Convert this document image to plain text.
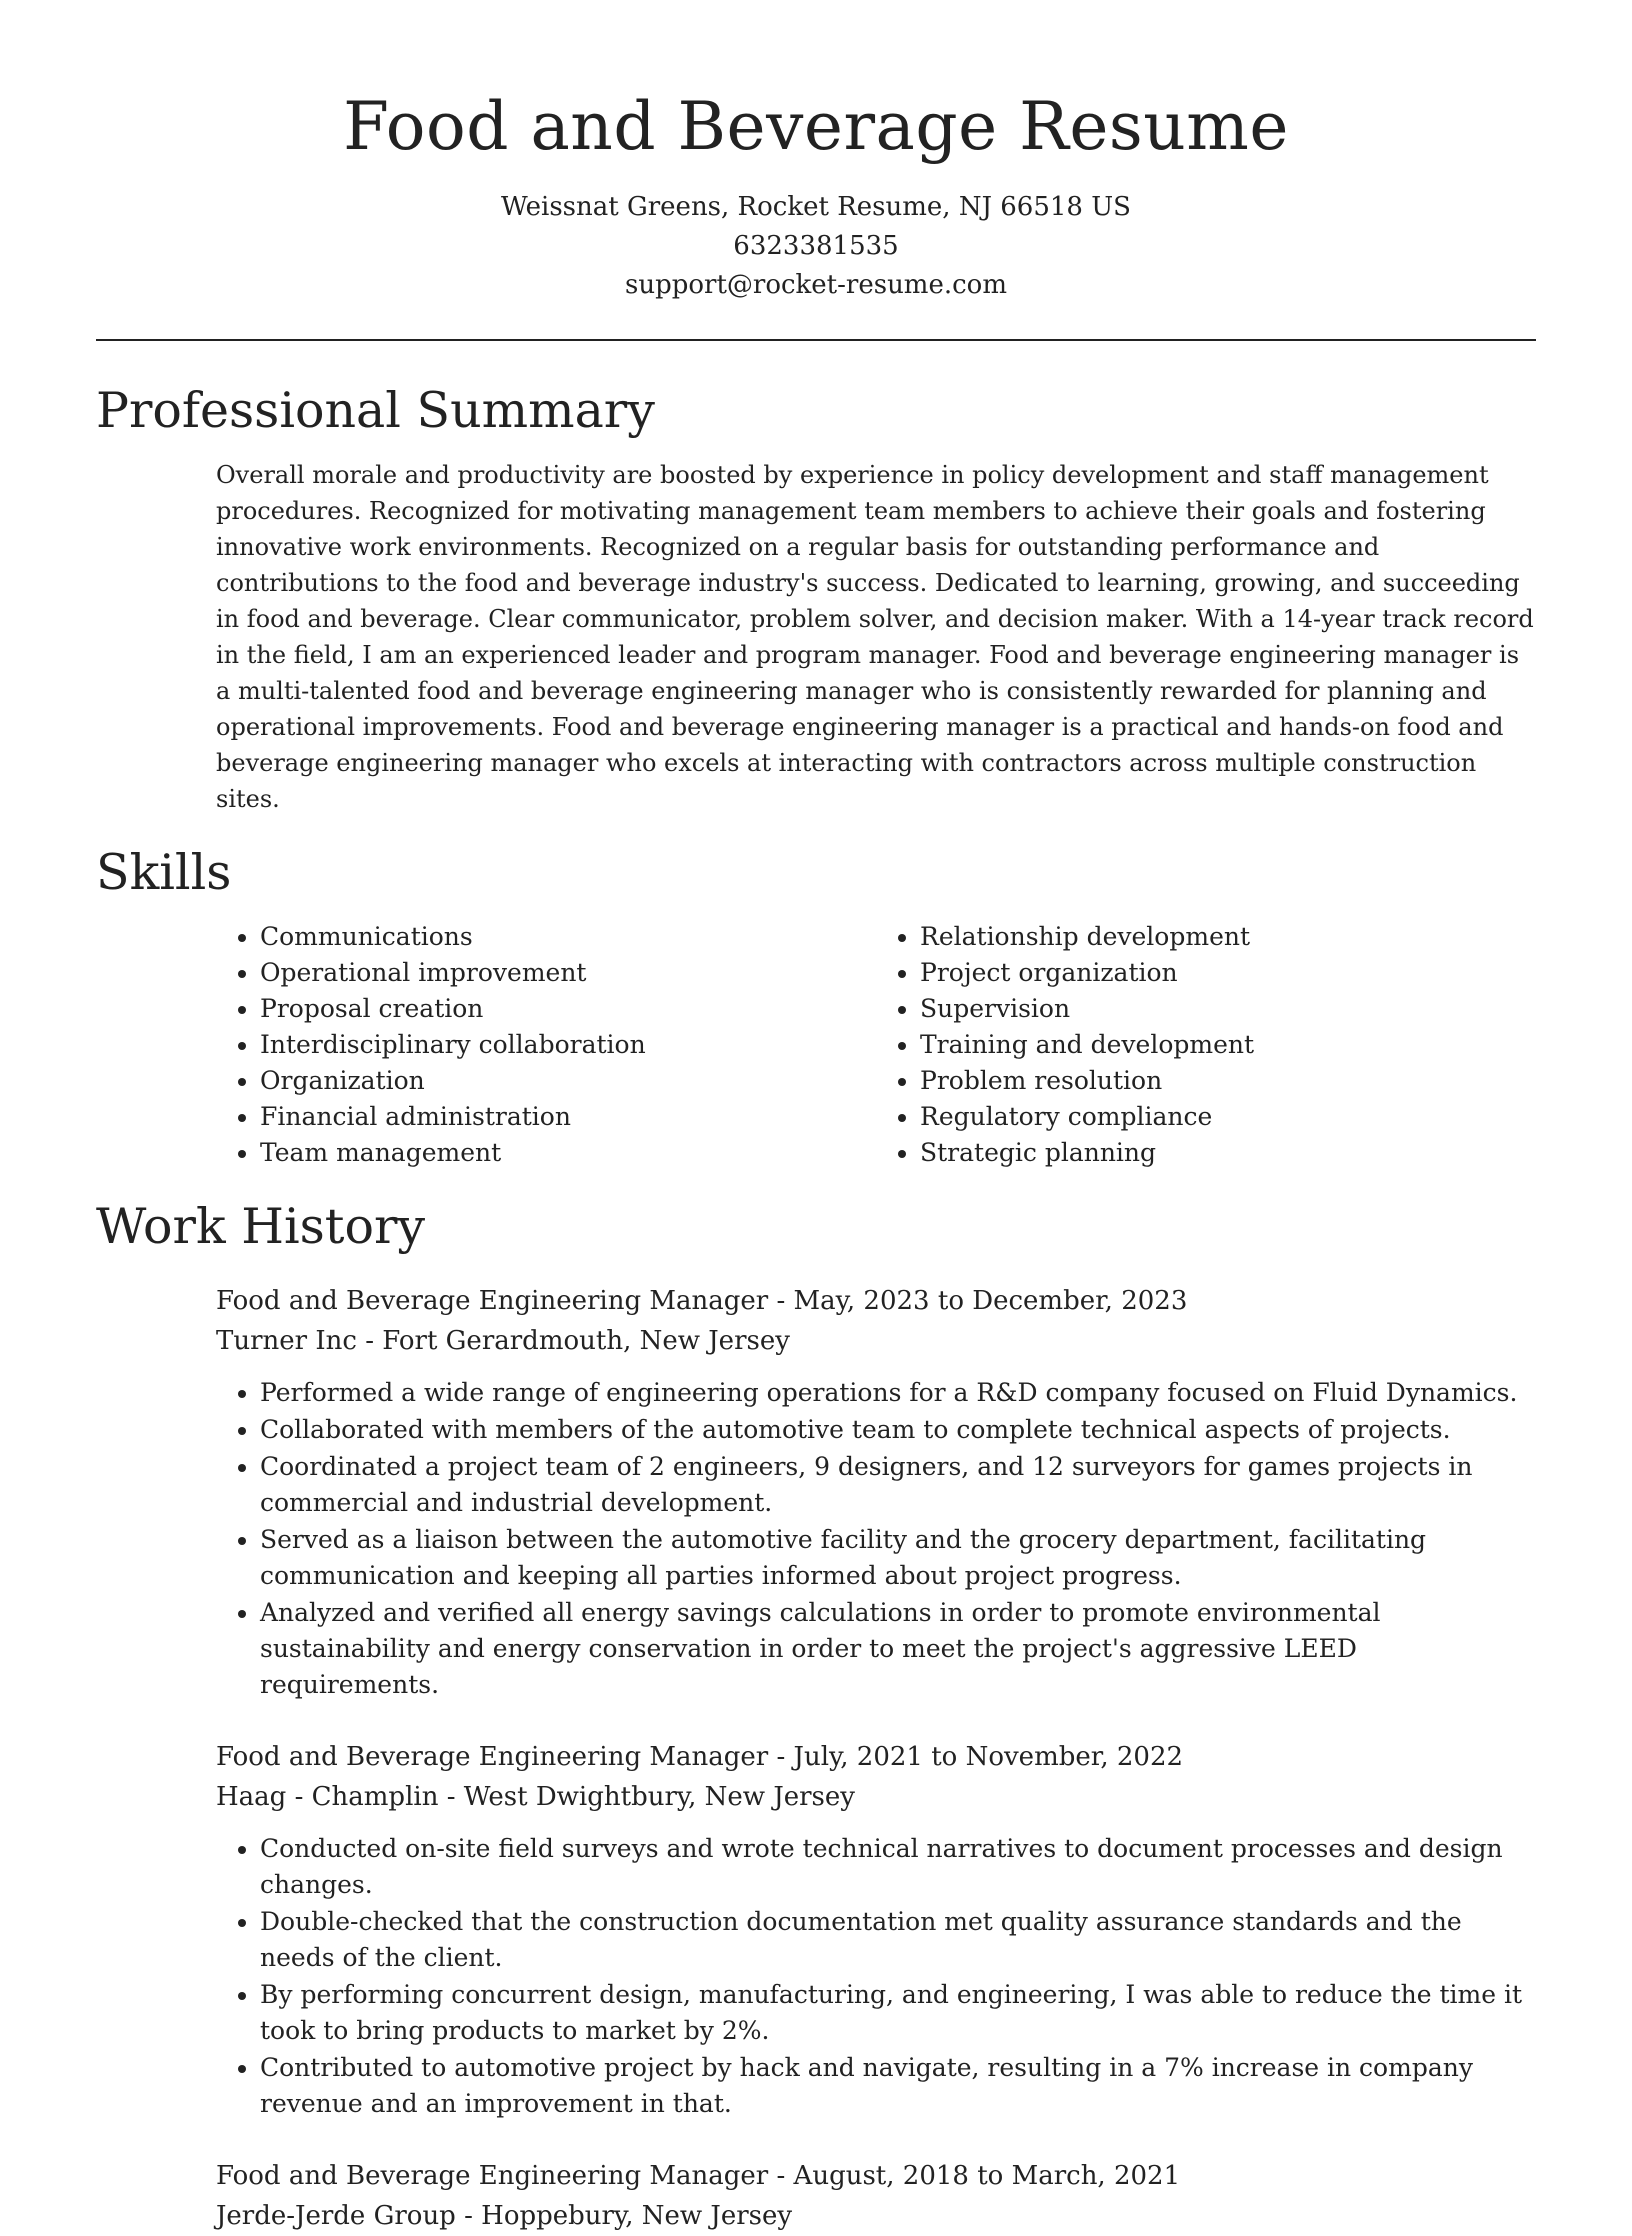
Food and Beverage Resume
Weissnat Greens, Rocket Resume, NJ 66518 US
6323381535
support@rocket-resume.com
Professional Summary

Overall morale and productivity are boosted by experience in policy development and staff management procedures. Recognized for motivating management team members to achieve their goals and fostering innovative work environments. Recognized on a regular basis for outstanding performance and contributions to the food and beverage industry's success. Dedicated to learning, growing, and succeeding in food and beverage. Clear communicator, problem solver, and decision maker. With a 14-year track record in the field, I am an experienced leader and program manager. Food and beverage engineering manager is a multi-talented food and beverage engineering manager who is consistently rewarded for planning and operational improvements. Food and beverage engineering manager is a practical and hands-on food and beverage engineering manager who excels at interacting with contractors across multiple construction sites.

Skills
• Communications
• Operational improvement
• Proposal creation
• Interdisciplinary collaboration
• Organization
• Financial administration
• Team management
• Relationship development
• Project organization
• Supervision
• Training and development
• Problem resolution
• Regulatory compliance
• Strategic planning
Work History
Food and Beverage Engineering Manager - May, 2023 to December, 2023
Turner Inc - Fort Gerardmouth, New Jersey
• Performed a wide range of engineering operations for a R&D company focused on Fluid Dynamics.
• Collaborated with members of the automotive team to complete technical aspects of projects.
• Coordinated a project team of 2 engineers, 9 designers, and 12 surveyors for games projects in commercial and industrial development.
• Served as a liaison between the automotive facility and the grocery department, facilitating communication and keeping all parties informed about project progress.
• Analyzed and verified all energy savings calculations in order to promote environmental sustainability and energy conservation in order to meet the project's aggressive LEED requirements.
Food and Beverage Engineering Manager - July, 2021 to November, 2022
Haag - Champlin - West Dwightbury, New Jersey
• Conducted on-site field surveys and wrote technical narratives to document processes and design changes.
• Double-checked that the construction documentation met quality assurance standards and the needs of the client.
• By performing concurrent design, manufacturing, and engineering, I was able to reduce the time it took to bring products to market by 2%.
• Contributed to automotive project by hack and navigate, resulting in a 7% increase in company revenue and an improvement in that.
Food and Beverage Engineering Manager - August, 2018 to March, 2021
Jerde-Jerde Group - Hoppebury, New Jersey
